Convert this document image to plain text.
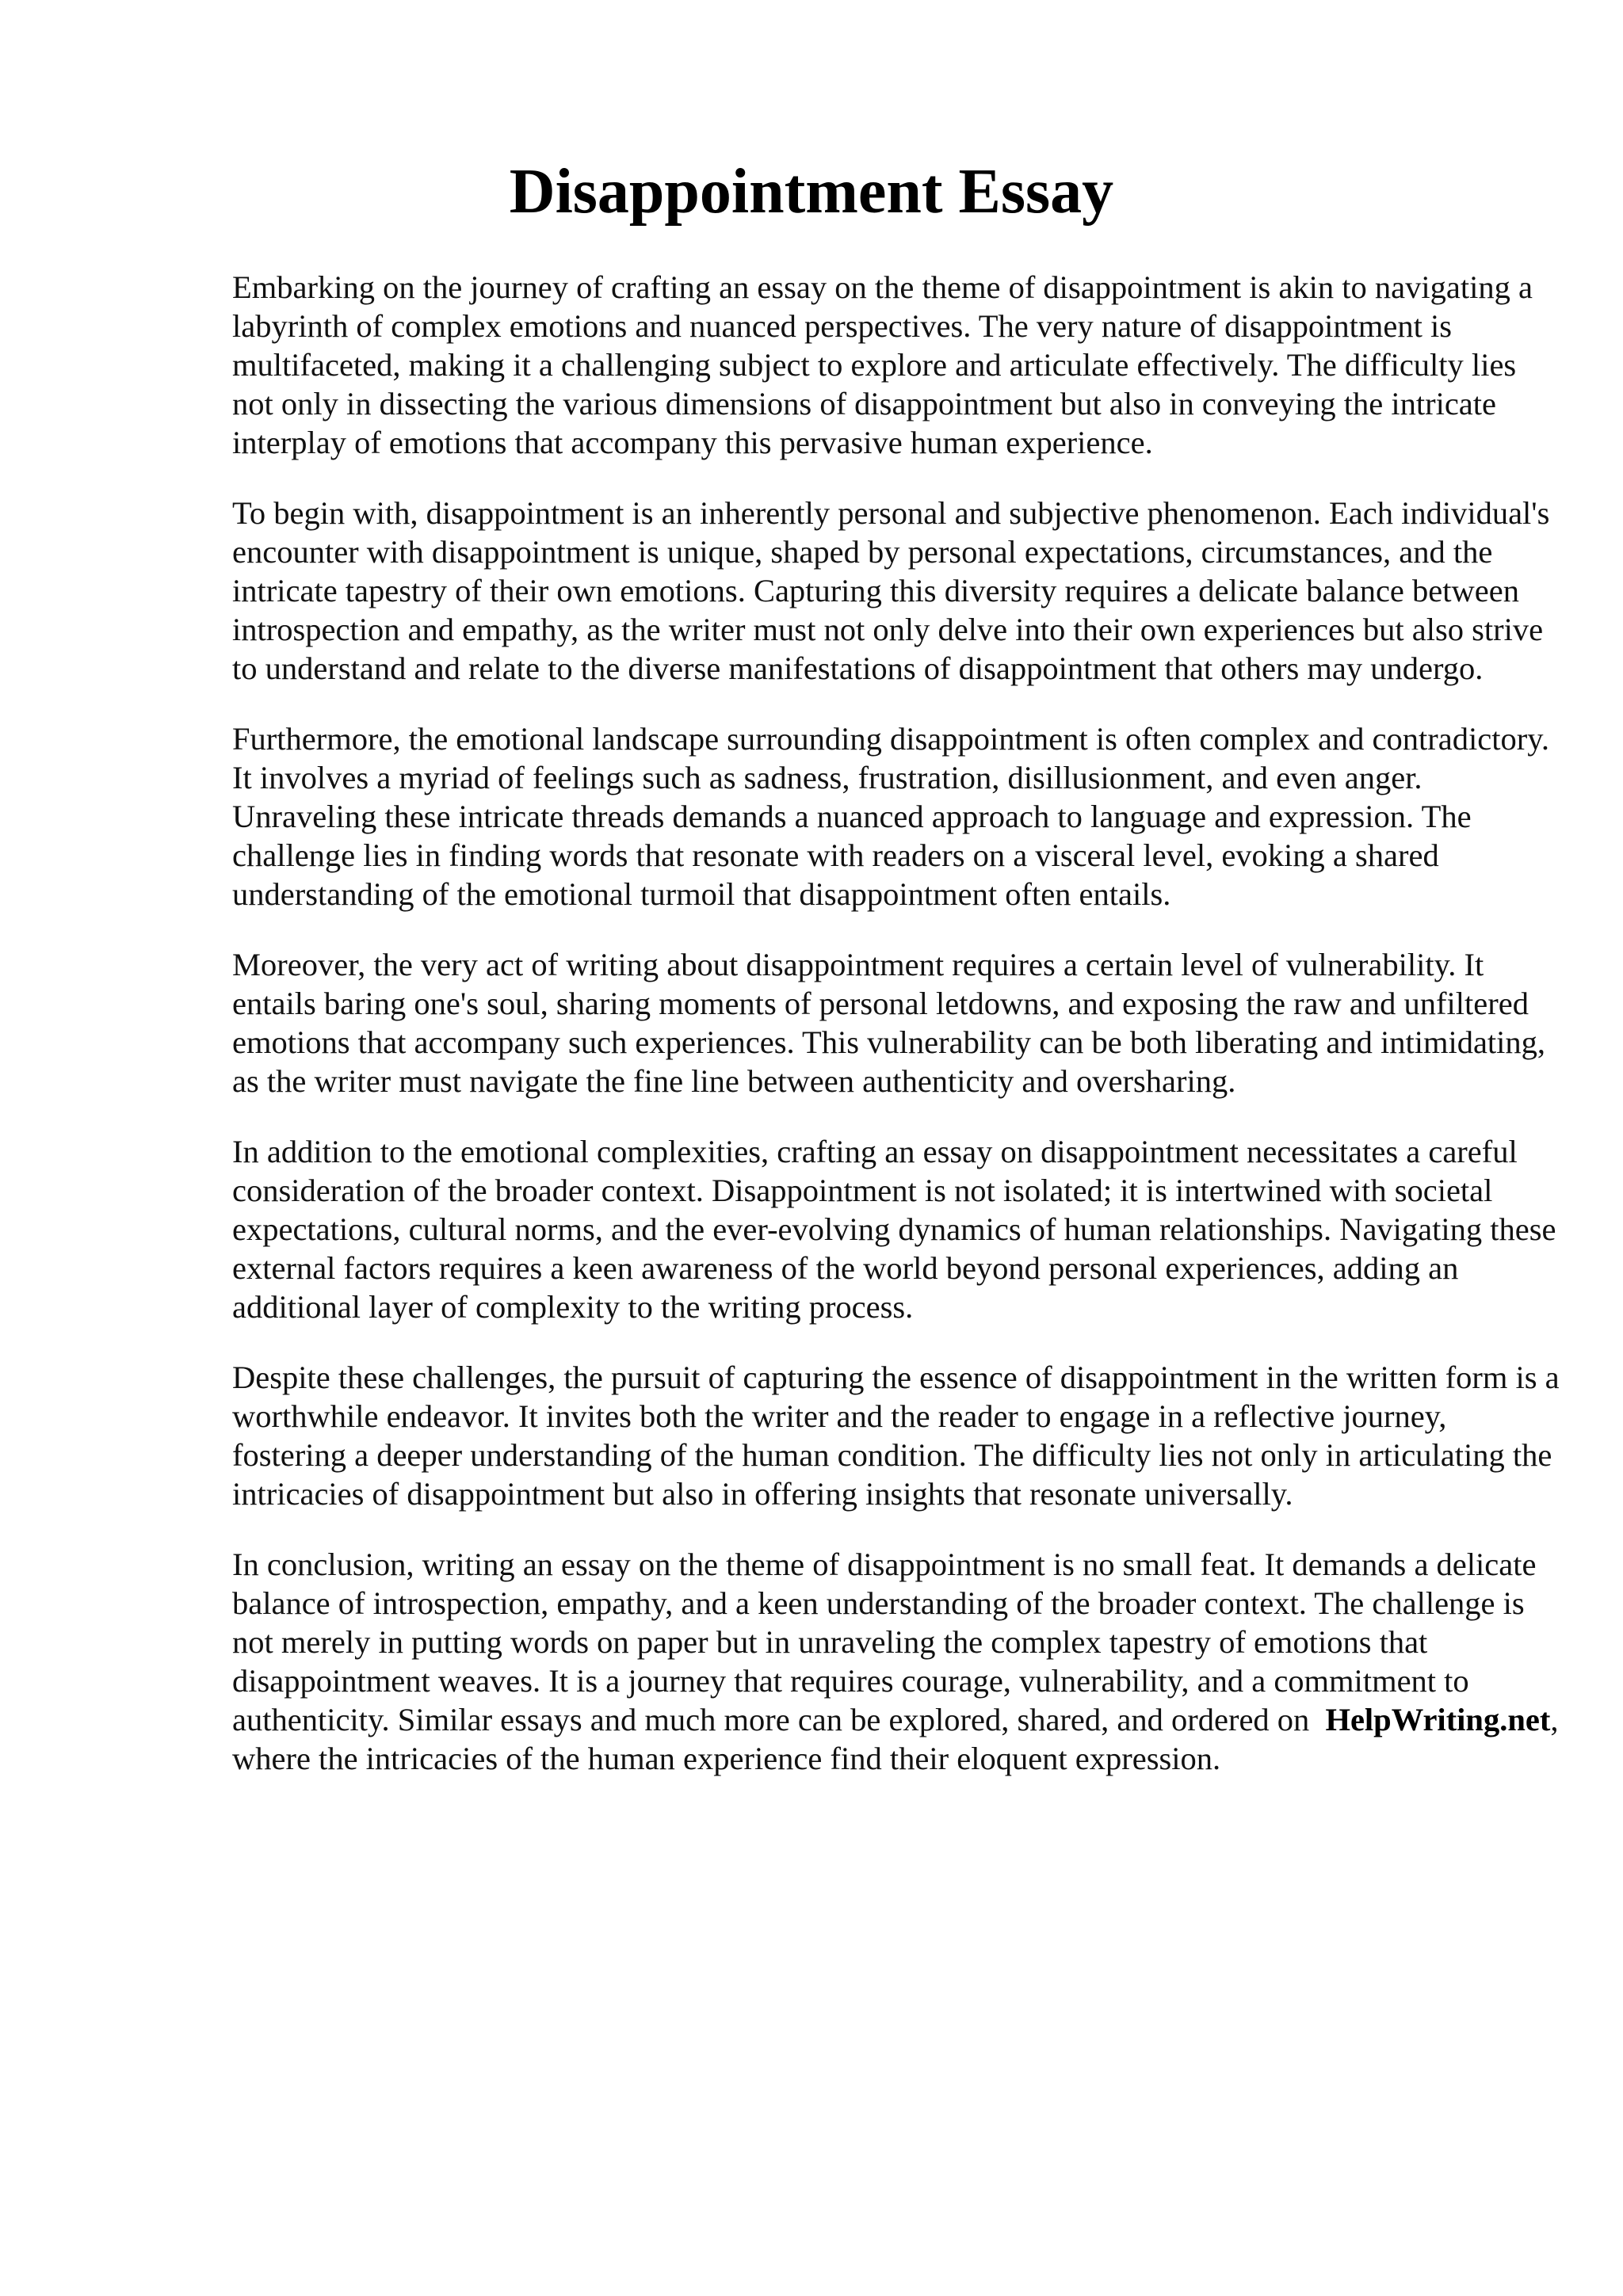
Disappointment Essay

Embarking on the journey of crafting an essay on the theme of disappointment is akin to navigating a labyrinth of complex emotions and nuanced perspectives. The very nature of disappointment is multifaceted, making it a challenging subject to explore and articulate effectively. The difficulty lies not only in dissecting the various dimensions of disappointment but also in conveying the intricate interplay of emotions that accompany this pervasive human experience.

To begin with, disappointment is an inherently personal and subjective phenomenon. Each individual's encounter with disappointment is unique, shaped by personal expectations, circumstances, and the intricate tapestry of their own emotions. Capturing this diversity requires a delicate balance between introspection and empathy, as the writer must not only delve into their own experiences but also strive to understand and relate to the diverse manifestations of disappointment that others may undergo.

Furthermore, the emotional landscape surrounding disappointment is often complex and contradictory. It involves a myriad of feelings such as sadness, frustration, disillusionment, and even anger. Unraveling these intricate threads demands a nuanced approach to language and expression. The challenge lies in finding words that resonate with readers on a visceral level, evoking a shared understanding of the emotional turmoil that disappointment often entails.

Moreover, the very act of writing about disappointment requires a certain level of vulnerability. It entails baring one's soul, sharing moments of personal letdowns, and exposing the raw and unfiltered emotions that accompany such experiences. This vulnerability can be both liberating and intimidating, as the writer must navigate the fine line between authenticity and oversharing.

In addition to the emotional complexities, crafting an essay on disappointment necessitates a careful consideration of the broader context. Disappointment is not isolated; it is intertwined with societal expectations, cultural norms, and the ever-evolving dynamics of human relationships. Navigating these external factors requires a keen awareness of the world beyond personal experiences, adding an additional layer of complexity to the writing process.

Despite these challenges, the pursuit of capturing the essence of disappointment in the written form is a worthwhile endeavor. It invites both the writer and the reader to engage in a reflective journey, fostering a deeper understanding of the human condition. The difficulty lies not only in articulating the intricacies of disappointment but also in offering insights that resonate universally.

In conclusion, writing an essay on the theme of disappointment is no small feat. It demands a delicate balance of introspection, empathy, and a keen understanding of the broader context. The challenge is not merely in putting words on paper but in unraveling the complex tapestry of emotions that disappointment weaves. It is a journey that requires courage, vulnerability, and a commitment to authenticity. Similar essays and much more can be explored, shared, and ordered on HelpWriting.net, where the intricacies of the human experience find their eloquent expression.
